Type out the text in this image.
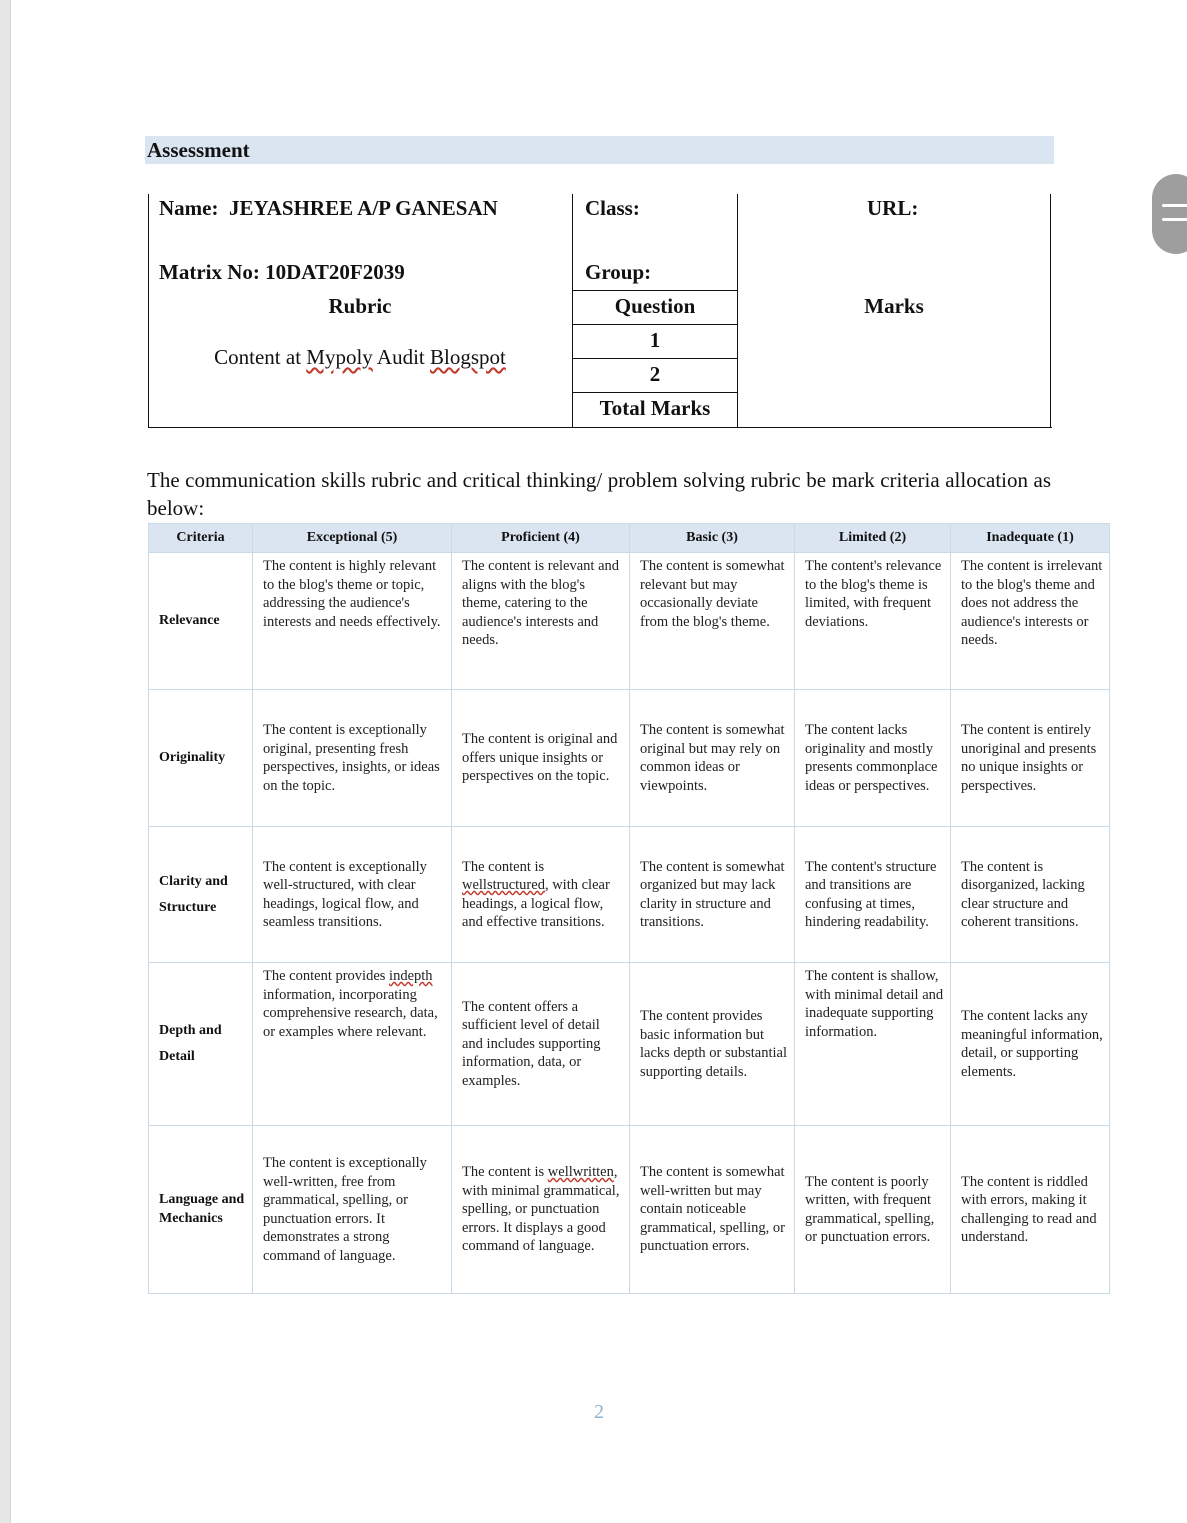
Assessment
Name: JEYASHREE A/P GANESAN	Class:	URL:
Matrix No: 10DAT20F2039	Group:
Rubric	Question	Marks
Content at Mypoly Audit Blogspot
1
2
Total Marks
The communication skills rubric and critical thinking/ problem solving rubric be mark criteria allocation as below:
Criteria	Exceptional (5)	Proficient (4)	Basic (3)	Limited (2)	Inadequate (1)
Relevance	The content is highly relevant to the blog's theme or topic, addressing the audience's interests and needs effectively.	The content is relevant and aligns with the blog's theme, catering to the audience's interests and needs.	The content is somewhat relevant but may occasionally deviate from the blog's theme.	The content's relevance to the blog's theme is limited, with frequent deviations.	The content is irrelevant to the blog's theme and does not address the audience's interests or needs.
Originality	The content is exceptionally original, presenting fresh perspectives, insights, or ideas on the topic.	The content is original and offers unique insights or perspectives on the topic.	The content is somewhat original but may rely on common ideas or viewpoints.	The content lacks originality and mostly presents commonplace ideas or perspectives.	The content is entirely unoriginal and presents no unique insights or perspectives.
Clarity and Structure	The content is exceptionally well-structured, with clear headings, logical flow, and seamless transitions.	The content is wellstructured, with clear headings, a logical flow, and effective transitions.	The content is somewhat organized but may lack clarity in structure and transitions.	The content's structure and transitions are confusing at times, hindering readability.	The content is disorganized, lacking clear structure and coherent transitions.
Depth and Detail	The content provides indepth information, incorporating comprehensive research, data, or examples where relevant.	The content offers a sufficient level of detail and includes supporting information, data, or examples.	The content provides basic information but lacks depth or substantial supporting details.	The content is shallow, with minimal detail and inadequate supporting information.	The content lacks any meaningful information, detail, or supporting elements.
Language and Mechanics	The content is exceptionally well-written, free from grammatical, spelling, or punctuation errors. It demonstrates a strong command of language.	The content is wellwritten, with minimal grammatical, spelling, or punctuation errors. It displays a good command of language.	The content is somewhat well-written but may contain noticeable grammatical, spelling, or punctuation errors.	The content is poorly written, with frequent grammatical, spelling, or punctuation errors.	The content is riddled with errors, making it challenging to read and understand.
2
